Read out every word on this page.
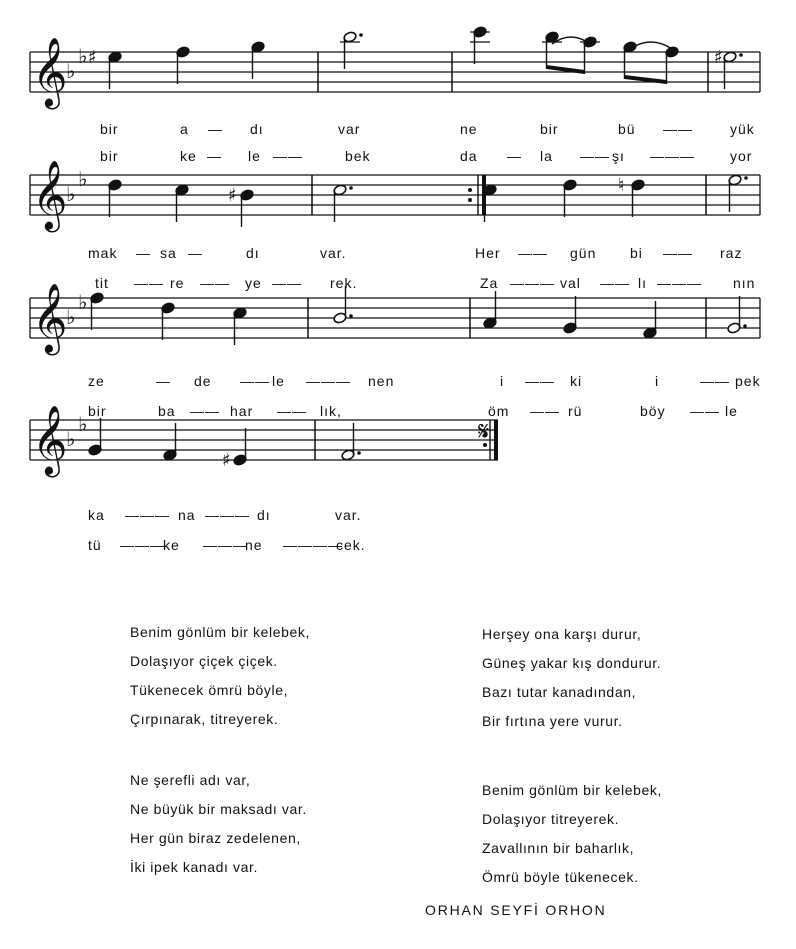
𝄞
♭
♭
𝄞
♭
♭
𝄞
♭
♭
𝄞
♭
♭
♯	♯
♯	♮
♯
𝄋
bir	a — dı	var	ne	bir	bü ——	yük
bir	ke — le ——	bek	da — la —— şı ———	yor
mak — sa —	dı	var.	Her —— gün bi —— raz
tit —— re —— ye —— rek.	Za ——— val —— lı ——— nın
ze	— de —— le ——— nen	i —— ki	i	—— pek
bir	ba —— har —— lık,	öm —— rü	böy —— le
ka ——— na ——— dı	var.
tü ———
ke ———
ne ————
cek.
Benim gönlüm bir kelebek,
Dolaşıyor çiçek çiçek.
Tükenecek ömrü böyle,
Çırpınarak, titreyerek.
Herşey ona karşı durur,
Güneş yakar kış dondurur.
Bazı tutar kanadından,
Bir fırtına yere vurur.
Ne şerefli adı var,
Ne büyük bir maksadı var.
Her gün biraz zedelenen,
İki ipek kanadı var.
Benim gönlüm bir kelebek,
Dolaşıyor titreyerek.
Zavallının bir baharlık,
Ömrü böyle tükenecek.
ORHAN SEYFİ ORHON
